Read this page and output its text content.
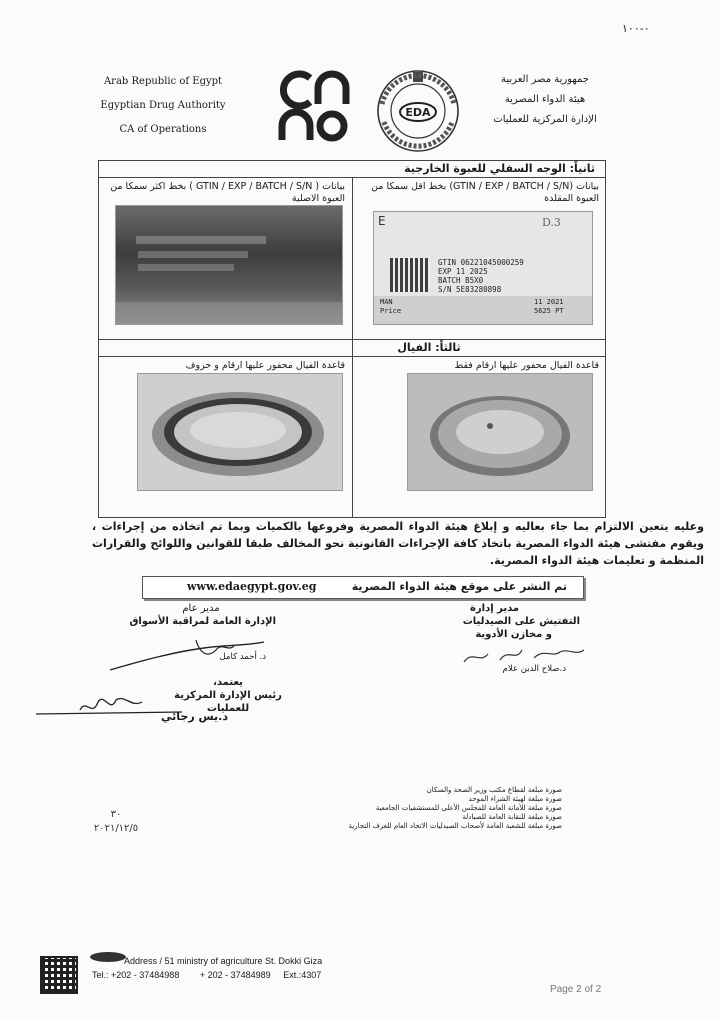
٠-١٠٠
Arab Republic of Egypt
Egyptian Drug Authority
CA of Operations
EDA
جمهورية مصر العربية
هيئة الدواء المصرية
الإدارة المركزية للعمليات
ثانياً: الوجه السفلي للعبوة الخارجية
بيانات ( GTIN / EXP / BATCH / S/N ) بخط اكثر سمكا من العبوة الاصلية
بيانات (GTIN / EXP / BATCH / S/N) بخط اقل سمكا من العبوة المقلدة
E	D.3
GTIN 06221045000259
EXP 11 2025
BATCH B5X0
S/N 5E83280898
MAN
Price
11 2021
5625 PT
ثالثاً: الفيال
قاعدة الفيال محفور عليها ارقام و حروف	قاعدة الفيال محفور عليها ارقام فقط
وعليه يتعين الالتزام بما جاء بعاليه و إبلاغ هيئة الدواء المصرية وفروعها بالكميات وبما تم اتخاذه من إجراءات ، ويقوم مفتشى هيئة الدواء المصرية باتخاذ كافة الإجراءات القانونية نحو المخالف طبقا للقوانين واللوائح والقرارات المنظمة و تعليمات هيئة الدواء المصرية.
www.edaegypt.gov.eg	تم النشر على موقع هيئة الدواء المصرية
مدير عام
الإدارة العامة لمراقبة الأسواق
د. أحمد كامل
مدير إدارة
التفتيش على الصيدليات
و مخازن الأدوية
د.صلاح الدين علام
يعتمد،
رئيس الإدارة المركزية للعمليات
د.يس رجائي
صورة مبلغة لقطاع مكتب وزير الصحة والسكان
صورة مبلغة لهيئة الشراء الموحد
صورة مبلغة للأمانة العامة للمجلس الأعلى للمستشفيات الجامعية
صورة مبلغة للنقابة العامة للصيادلة
صورة مبلغة للشعبة العامة لأصحاب الصيدليات الاتحاد العام للغرف التجارية
٣٠
٢٠٢١/١٢/٥
Address / 51 ministry of agriculture St. Dokki Giza
Tel.: +202 - 37484988 + 202 - 37484989 Ext.:4307
Page 2 of 2
